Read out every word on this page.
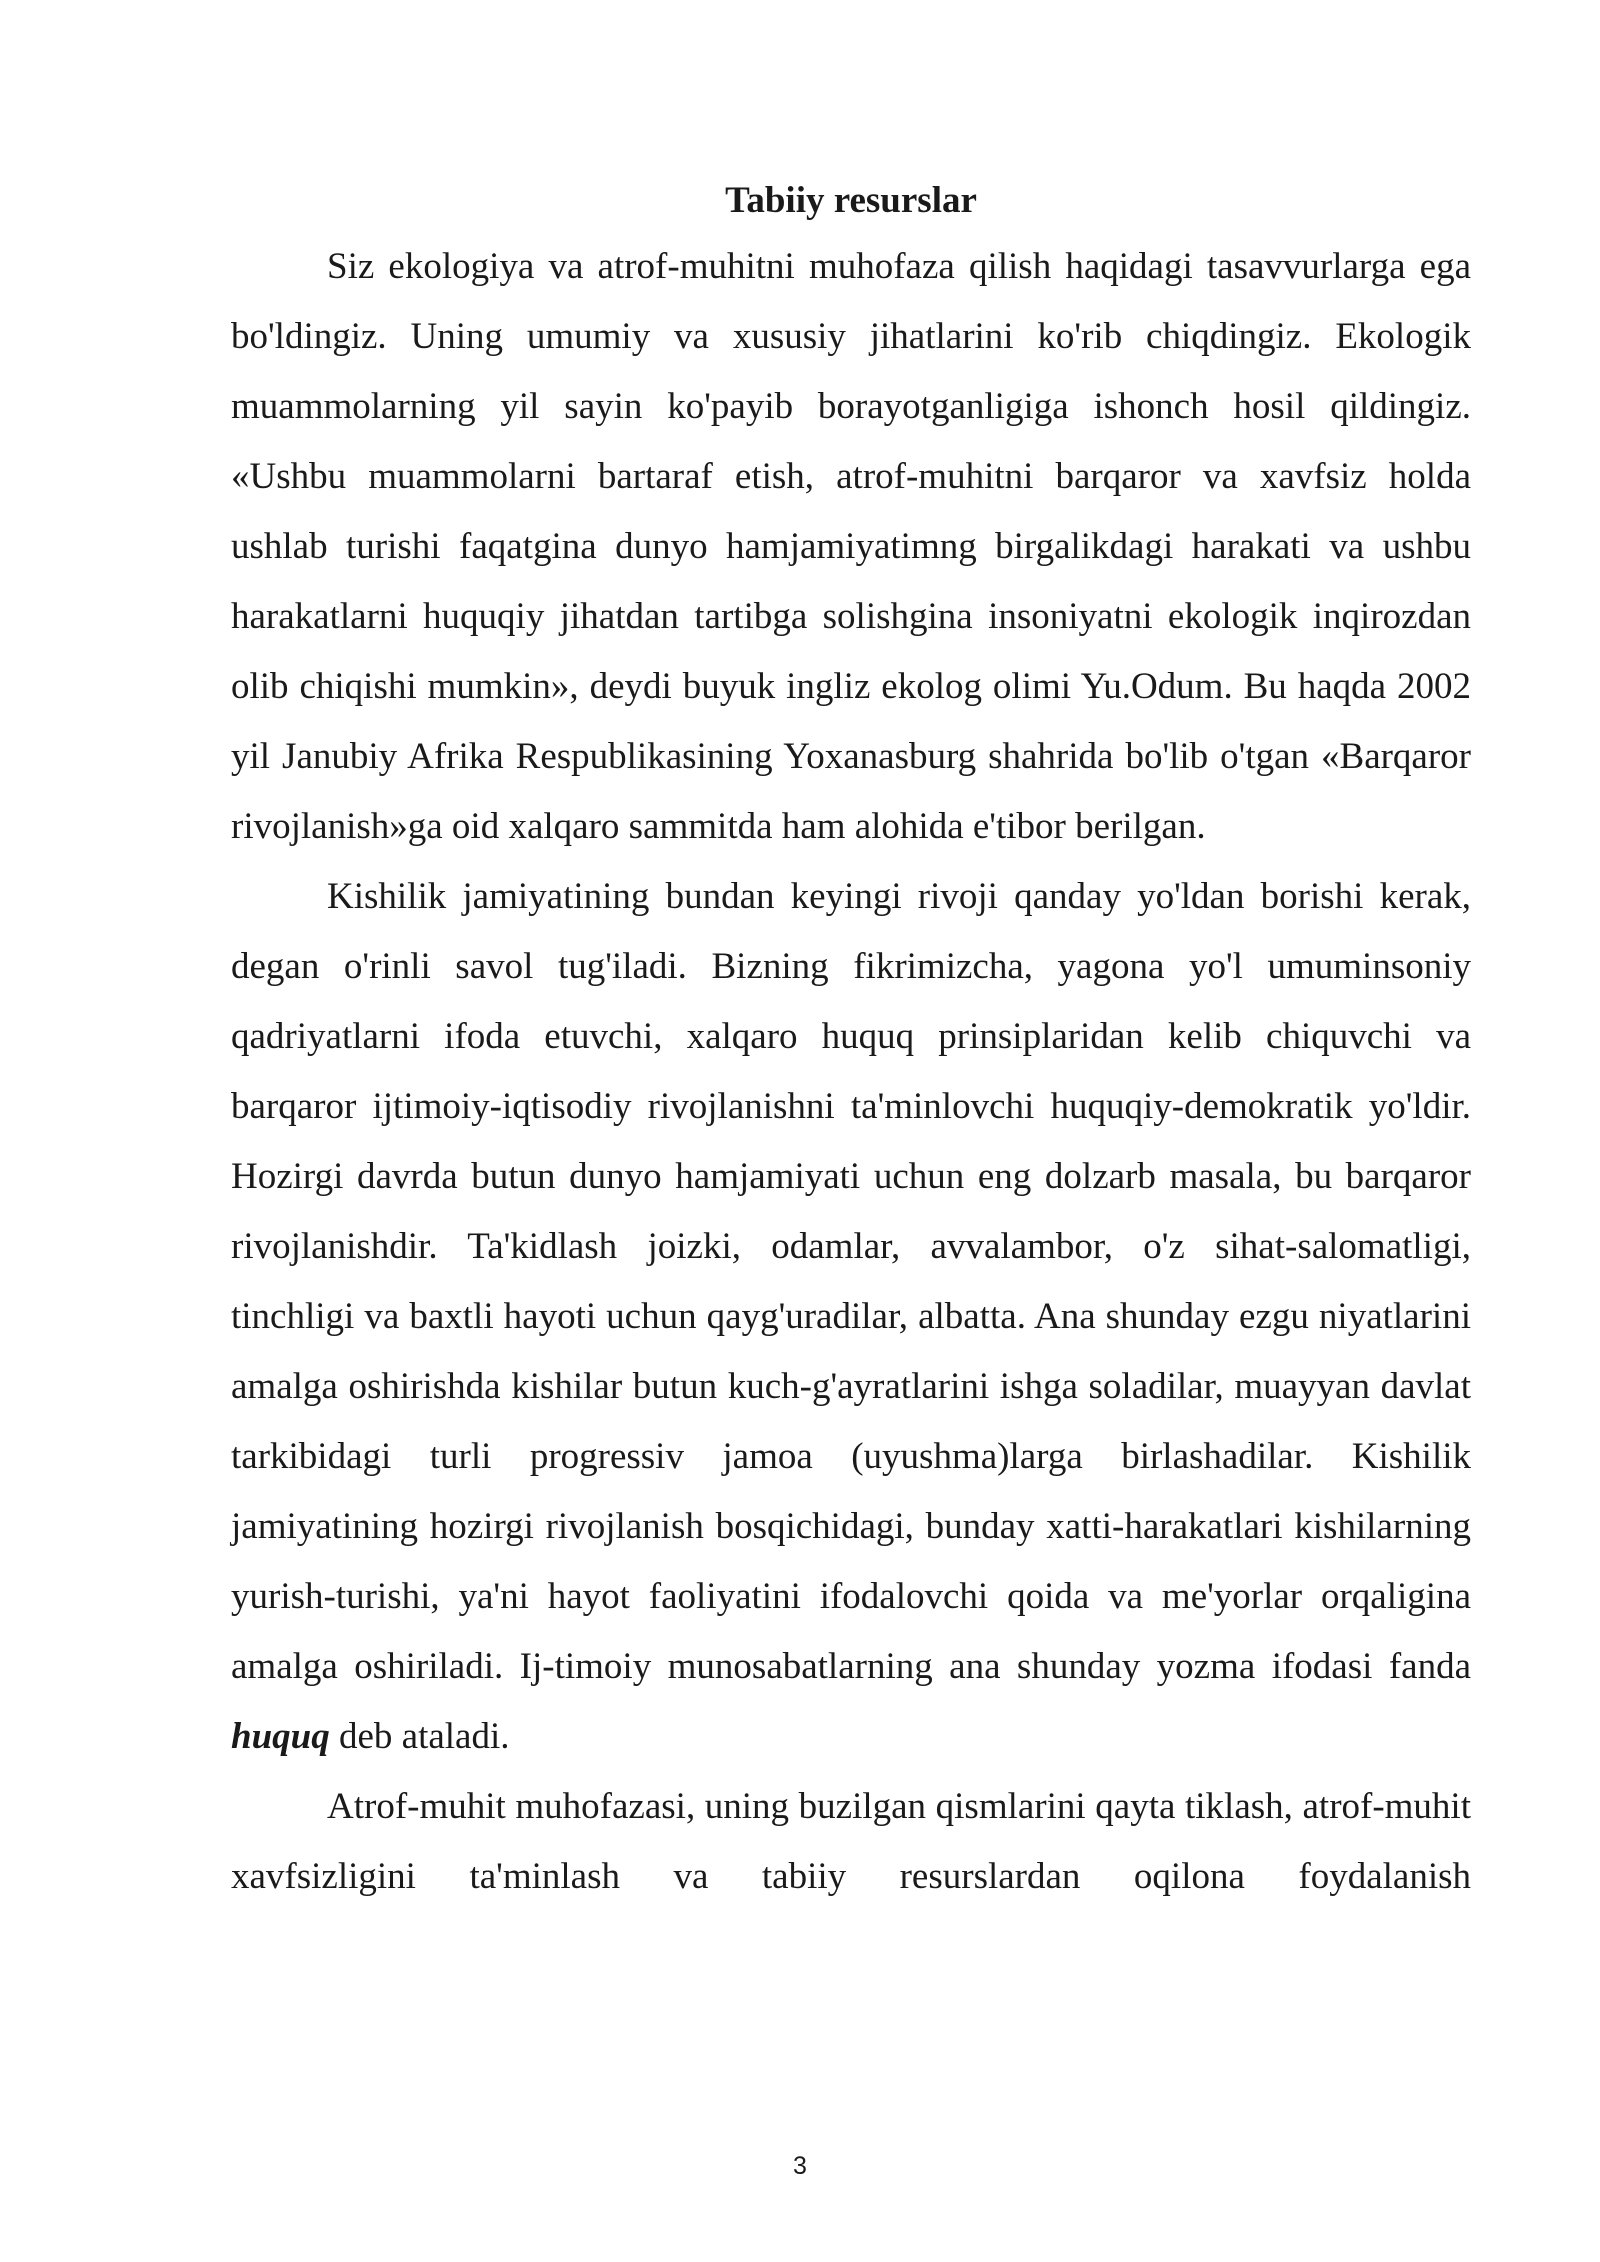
Tabiiy resurslar

Siz ekologiya va atrof-muhitni muhofaza qilish haqidagi tasavvurlarga ega bo'ldingiz. Uning umumiy va xususiy jihatlarini ko'rib chiqdingiz. Ekologik muammolarning yil sayin ko'payib borayotganligiga ishonch hosil qildingiz. «Ushbu muammolarni bartaraf etish, atrof-muhitni barqaror va xavfsiz holda ushlab turishi faqatgina dunyo hamjamiyatimng birgalikdagi harakati va ushbu harakatlarni huquqiy jihatdan tartibga solishgina insoniyatni ekologik inqirozdan olib chiqishi mumkin», deydi buyuk ingliz ekolog olimi Yu.Odum. Bu haqda 2002 yil Janubiy Afrika Respublikasining Yoxanasburg shahrida bo'lib o'tgan «Barqaror rivojlanish»ga oid xalqaro sammitda ham alohida e'tibor berilgan.

Kishilik jamiyatining bundan keyingi rivoji qanday yo'ldan borishi kerak, degan o'rinli savol tug'iladi. Bizning fikrimizcha, yagona yo'l umuminsoniy qadriyatlarni ifoda etuvchi, xalqaro huquq prinsiplaridan kelib chiquvchi va barqaror ijtimoiy-iqtisodiy rivojlanishni ta'minlovchi huquqiy-demokratik yo'ldir. Hozirgi davrda butun dunyo hamjamiyati uchun eng dolzarb masala, bu barqaror rivojlanishdir. Ta'kidlash joizki, odamlar, avvalambor, o'z sihat-salomatligi, tinchligi va baxtli hayoti uchun qayg'uradilar, albatta. Ana shunday ezgu niyatlarini amalga oshirishda kishilar butun kuch-g'ayratlarini ishga soladilar, muayyan davlat tarkibidagi turli progressiv jamoa (uyushma)larga birlashadilar. Kishilik jamiyatining hozirgi rivojlanish bosqichidagi, bunday xatti-harakatlari kishilarning yurish-turishi, ya'ni hayot faoliyatini ifodalovchi qoida va me'yorlar orqaligina amalga oshiriladi. Ij-timoiy munosabatlarning ana shunday yozma ifodasi fanda huquq deb ataladi.

Atrof-muhit muhofazasi, uning buzilgan qismlarini qayta tiklash, atrof-muhit xavfsizligini ta'minlash va tabiiy resurslardan oqilona foydalanish

3
